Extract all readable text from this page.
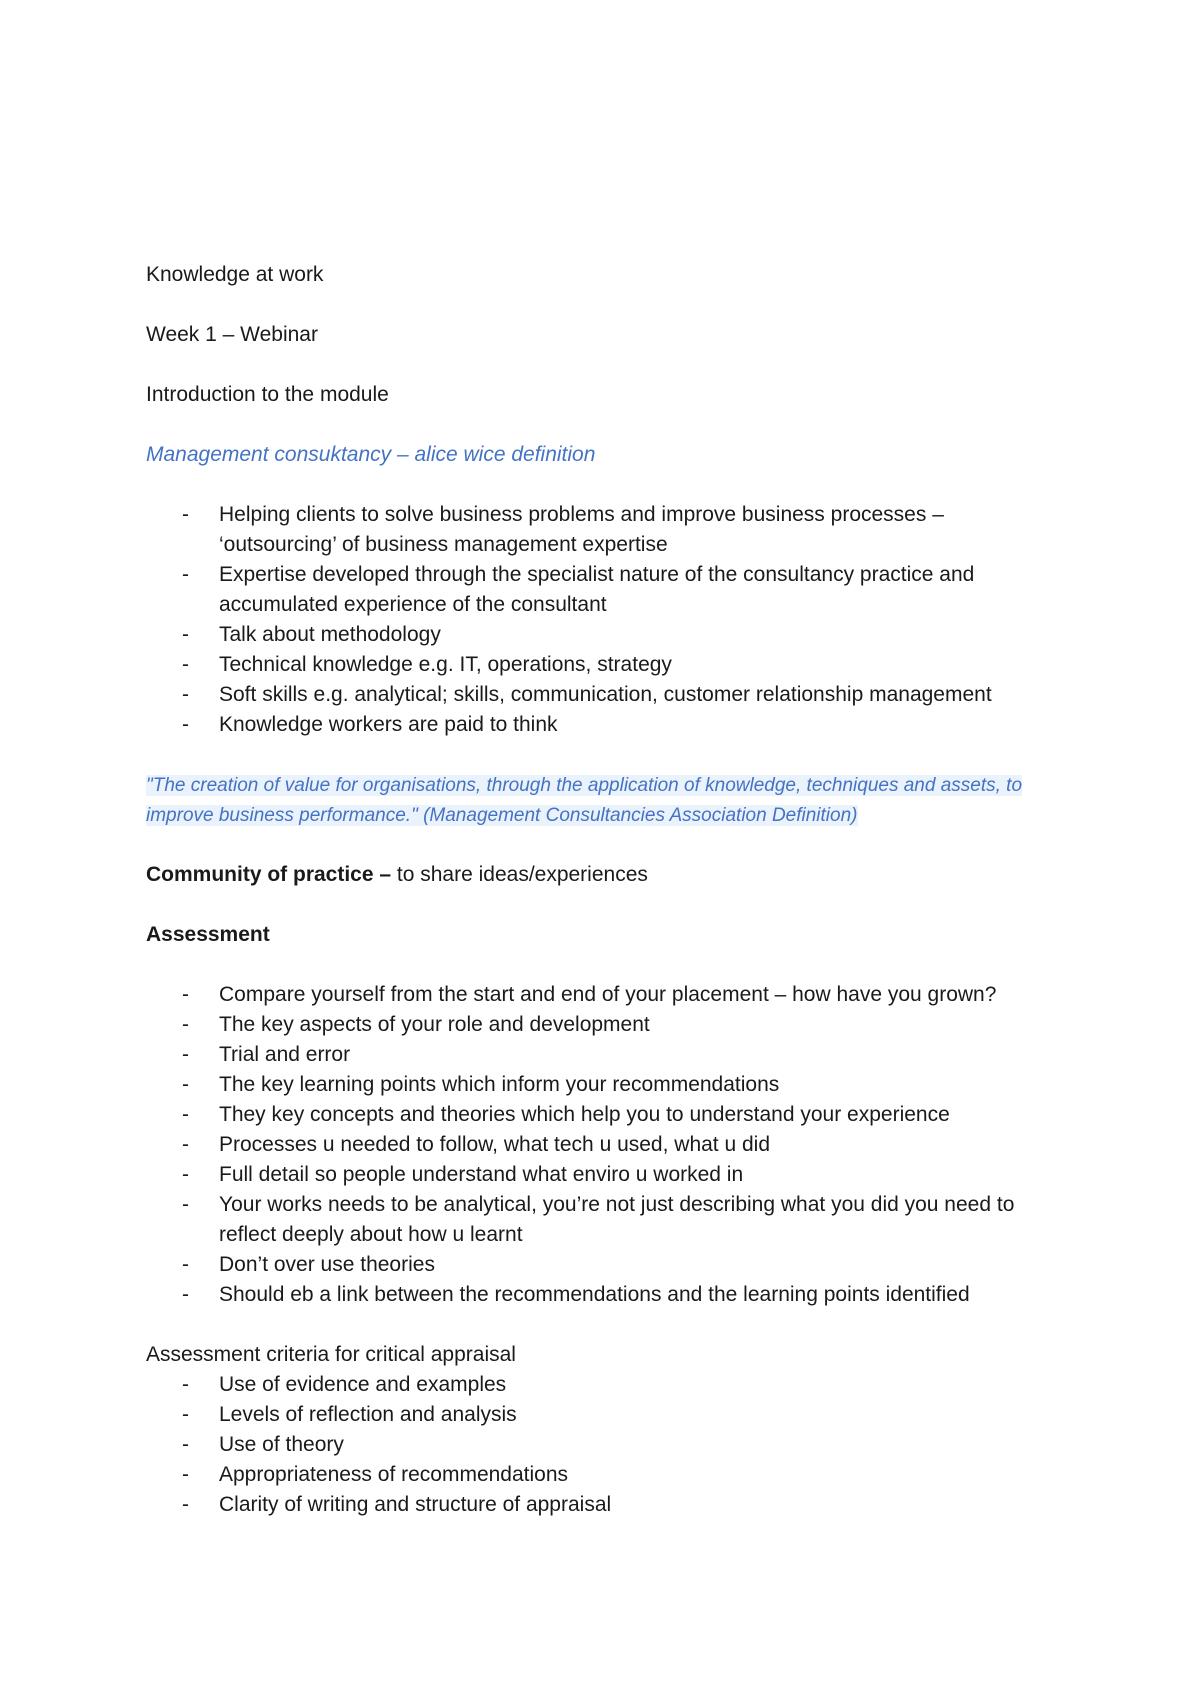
Knowledge at work

Week 1 – Webinar

Introduction to the module

Management consuktancy – alice wice definition

- Helping clients to solve business problems and improve business processes – ‘outsourcing’ of business management expertise
- Expertise developed through the specialist nature of the consultancy practice and accumulated experience of the consultant
- Talk about methodology
- Technical knowledge e.g. IT, operations, strategy
- Soft skills e.g. analytical; skills, communication, customer relationship management
- Knowledge workers are paid to think
"The creation of value for organisations, through the application of knowledge, techniques and assets, to improve business performance." (Management Consultancies Association Definition)

Community of practice – to share ideas/experiences

Assessment

- Compare yourself from the start and end of your placement – how have you grown?
- The key aspects of your role and development
- Trial and error
- The key learning points which inform your recommendations
- They key concepts and theories which help you to understand your experience
- Processes u needed to follow, what tech u used, what u did
- Full detail so people understand what enviro u worked in
- Your works needs to be analytical, you’re not just describing what you did you need to reflect deeply about how u learnt
- Don’t over use theories
- Should eb a link between the recommendations and the learning points identified

Assessment criteria for critical appraisal

- Use of evidence and examples
- Levels of reflection and analysis
- Use of theory
- Appropriateness of recommendations
- Clarity of writing and structure of appraisal
